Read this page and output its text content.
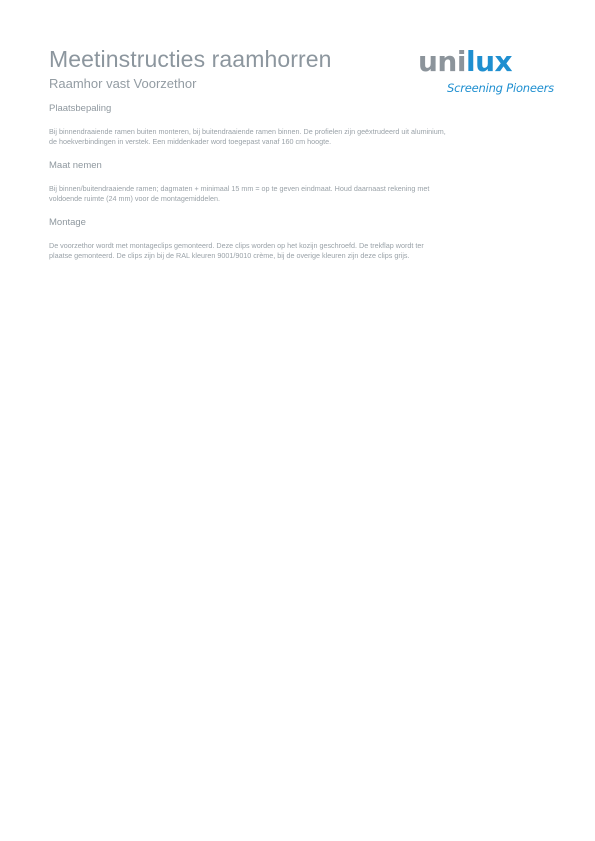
Meetinstructies raamhorren
Raamhor vast Voorzethor
unilux
Screening Pioneers
Plaatsbepaling

Bij binnendraaiende ramen buiten monteren, bij buitendraaiende ramen binnen. De profielen zijn geëxtrudeerd uit aluminium,
de hoekverbindingen in verstek. Een middenkader word toegepast vanaf 160 cm hoogte.

Maat nemen

Bij binnen/buitendraaiende ramen; dagmaten + minimaal 15 mm = op te geven eindmaat. Houd daarnaast rekening met
voldoende ruimte (24 mm) voor de montagemiddelen.

Montage

De voorzethor wordt met montageclips gemonteerd. Deze clips worden op het kozijn geschroefd. De trekflap wordt ter
plaatse gemonteerd. De clips zijn bij de RAL kleuren 9001/9010 crème, bij de overige kleuren zijn deze clips grijs.
